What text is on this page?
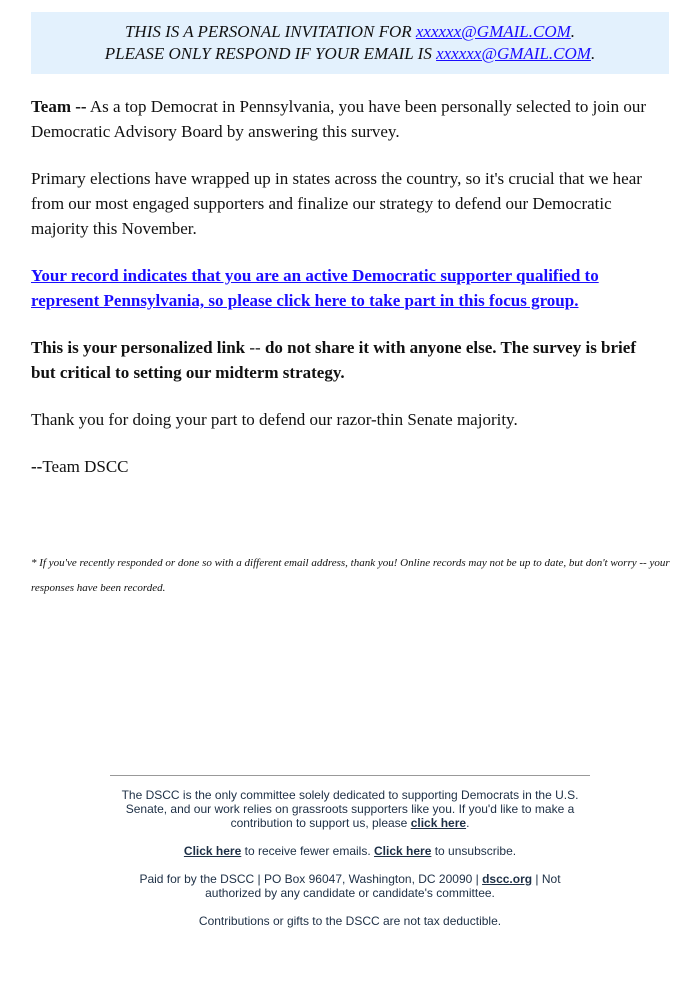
THIS IS A PERSONAL INVITATION FOR xxxxxx@GMAIL.COM.
PLEASE ONLY RESPOND IF YOUR EMAIL IS xxxxxx@GMAIL.COM.

Team -- As a top Democrat in Pennsylvania, you have been personally selected to join our Democratic Advisory Board by answering this survey.

Primary elections have wrapped up in states across the country, so it's crucial that we hear from our most engaged supporters and finalize our strategy to defend our Democratic majority this November.

Your record indicates that you are an active Democratic supporter qualified to represent Pennsylvania, so please click here to take part in this focus group.

This is your personalized link -- do not share it with anyone else. The survey is brief but critical to setting our midterm strategy.

Thank you for doing your part to defend our razor-thin Senate majority.

--Team DSCC

* If you've recently responded or done so with a different email address, thank you! Online records may not be up to date, but don't worry -- your responses have been recorded.

The DSCC is the only committee solely dedicated to supporting Democrats in the U.S. Senate, and our work relies on grassroots supporters like you. If you'd like to make a contribution to support us, please click here.

Click here to receive fewer emails. Click here to unsubscribe.

Paid for by the DSCC | PO Box 96047, Washington, DC 20090 | dscc.org | Not authorized by any candidate or candidate's committee.

Contributions or gifts to the DSCC are not tax deductible.
